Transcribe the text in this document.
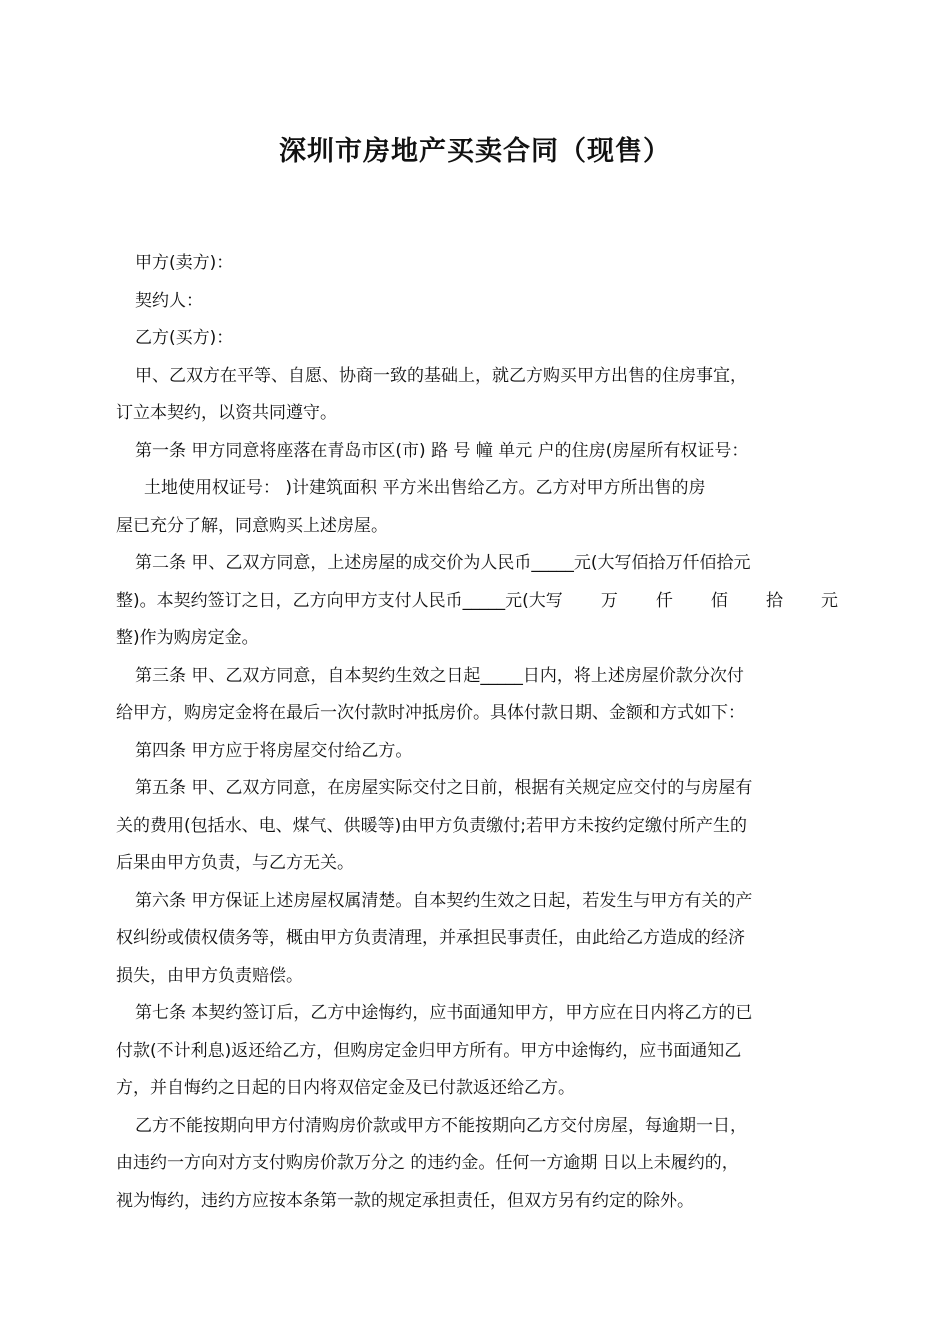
深圳市房地产买卖合同（现售）
甲方(卖方)：
契约人：
乙方(买方)：
甲、乙双方在平等、自愿、协商一致的基础上，就乙方购买甲方出售的住房事宜，
订立本契约，以资共同遵守。
第一条 甲方同意将座落在青岛市区(市) 路 号 幢 单元 户的住房(房屋所有权证号：
土地使用权证号： )计建筑面积 平方米出售给乙方。乙方对甲方所出售的房
屋已充分了解，同意购买上述房屋。
第二条 甲、乙双方同意，上述房屋的成交价为人民币_____元(大写佰拾万仟佰拾元
整)。本契约签订之日，乙方向甲方支付人民币_____元(大写 万 仟 佰 拾 元
整)作为购房定金。
第三条 甲、乙双方同意，自本契约生效之日起_____日内，将上述房屋价款分次付
给甲方，购房定金将在最后一次付款时冲抵房价。具体付款日期、金额和方式如下：
第四条 甲方应于将房屋交付给乙方。
第五条 甲、乙双方同意，在房屋实际交付之日前，根据有关规定应交付的与房屋有
关的费用(包括水、电、煤气、供暖等)由甲方负责缴付;若甲方未按约定缴付所产生的
后果由甲方负责，与乙方无关。
第六条 甲方保证上述房屋权属清楚。自本契约生效之日起，若发生与甲方有关的产
权纠纷或债权债务等，概由甲方负责清理，并承担民事责任，由此给乙方造成的经济
损失，由甲方负责赔偿。
第七条 本契约签订后，乙方中途悔约，应书面通知甲方，甲方应在日内将乙方的已
付款(不计利息)返还给乙方，但购房定金归甲方所有。甲方中途悔约，应书面通知乙
方，并自悔约之日起的日内将双倍定金及已付款返还给乙方。
乙方不能按期向甲方付清购房价款或甲方不能按期向乙方交付房屋，每逾期一日，
由违约一方向对方支付购房价款万分之 的违约金。任何一方逾期 日以上未履约的，
视为悔约，违约方应按本条第一款的规定承担责任，但双方另有约定的除外。
